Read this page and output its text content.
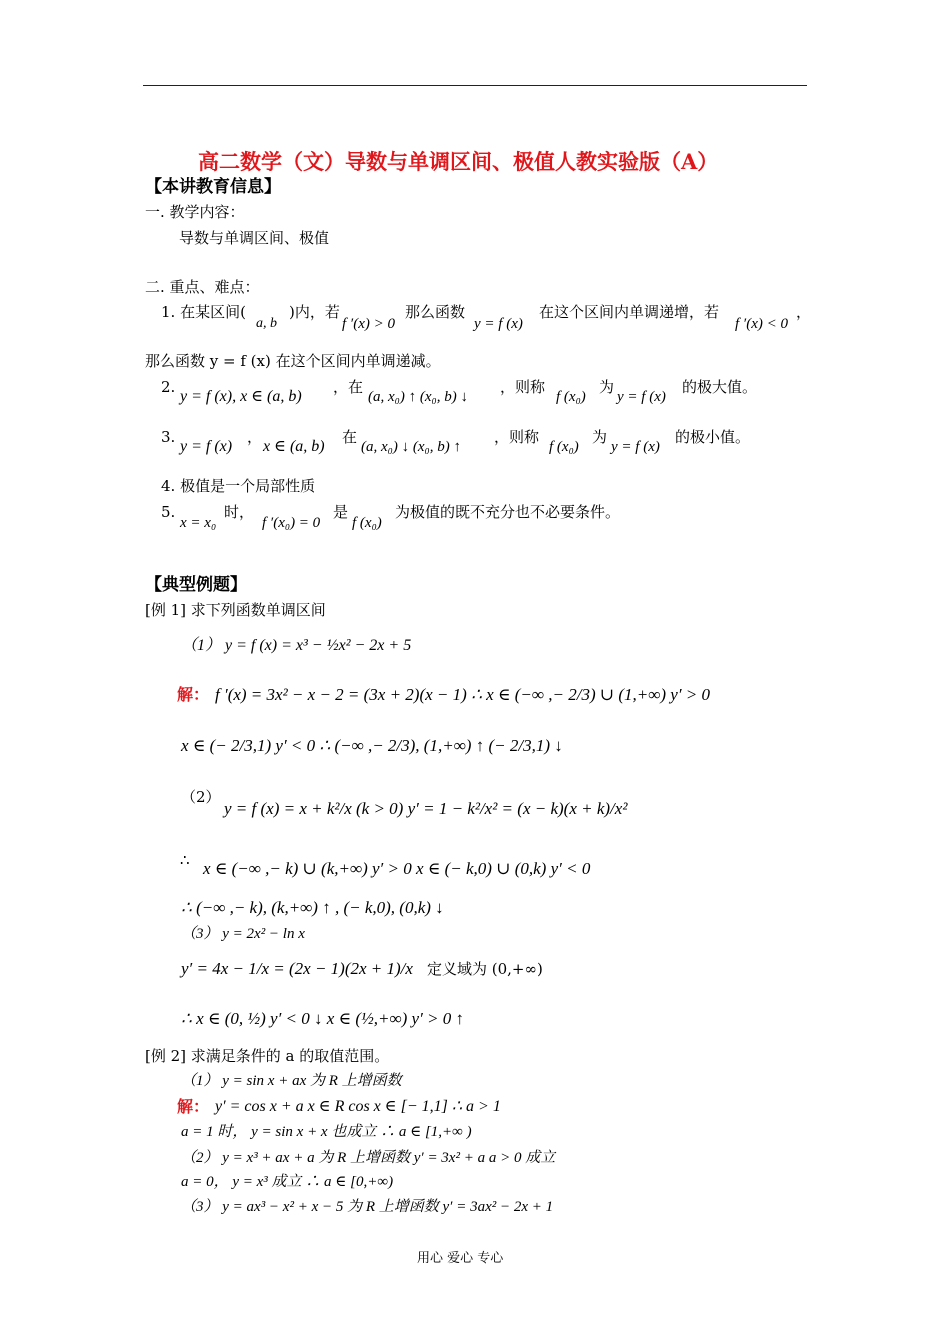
高二数学（文）导数与单调区间、极值人教实验版（A）
【本讲教育信息】
一. 教学内容：
导数与单调区间、极值
二. 重点、难点：
1. 在某区间(
a, b
)内，若
f ′(x) > 0
那么函数
y = f (x)
在这个区间内单调递增，若
f ′(x) < 0
，
那么函数 y = f (x) 在这个区间内单调递减。
2.
y = f (x), x ∈ (a, b)
，在
(a, x₀) ↑ (x₀, b) ↓
，则称
f (x₀)
为
y = f (x)
的极大值。
3.
y = f (x)
，
x ∈ (a, b)
在
(a, x₀) ↓ (x₀, b) ↑
，则称
f (x₀)
为
y = f (x)
的极小值。
4. 极值是一个局部性质
5.
x = x₀
时，
f ′(x₀) = 0
是
f (x₀)
为极值的既不充分也不必要条件。
【典型例题】
[例 1] 求下列函数单调区间
（1） y = f (x) = x³ − ½x² − 2x + 5
解： f ′(x) = 3x² − x − 2 = (3x + 2)(x − 1) ∴ x ∈ (−∞ ,− 2/3) ∪ (1,+∞) y′ > 0
x ∈ (− 2/3,1) y′ < 0 ∴ (−∞ ,− 2/3), (1,+∞) ↑ (− 2/3,1) ↓
（2）
y = f (x) = x + k²/x (k > 0) y′ = 1 − k²/x² = (x − k)(x + k)/x²
∴ x ∈ (−∞ ,− k) ∪ (k,+∞) y′ > 0 x ∈ (− k,0) ∪ (0,k) y′ < 0
∴ (−∞ ,− k), (k,+∞) ↑ , (− k,0), (0,k) ↓
（3） y = 2x² − ln x
y′ = 4x − 1/x = (2x − 1)(2x + 1)/x 定义域为 (0,+∞)
∴ x ∈ (0, ½) y′ < 0 ↓ x ∈ (½,+∞) y′ > 0 ↑
[例 2] 求满足条件的 a 的取值范围。
（1） y = sin x + ax 为 R 上增函数
解： y′ = cos x + a x ∈ R cos x ∈ [− 1,1] ∴ a > 1
a = 1 时， y = sin x + x 也成立 ∴ a ∈ [1,+∞ )
（2） y = x³ + ax + a 为 R 上增函数 y′ = 3x² + a a > 0 成立
a = 0， y = x³ 成立 ∴ a ∈ [0,+∞)
（3） y = ax³ − x² + x − 5 为 R 上增函数 y′ = 3ax² − 2x + 1
用心 爱心 专心
